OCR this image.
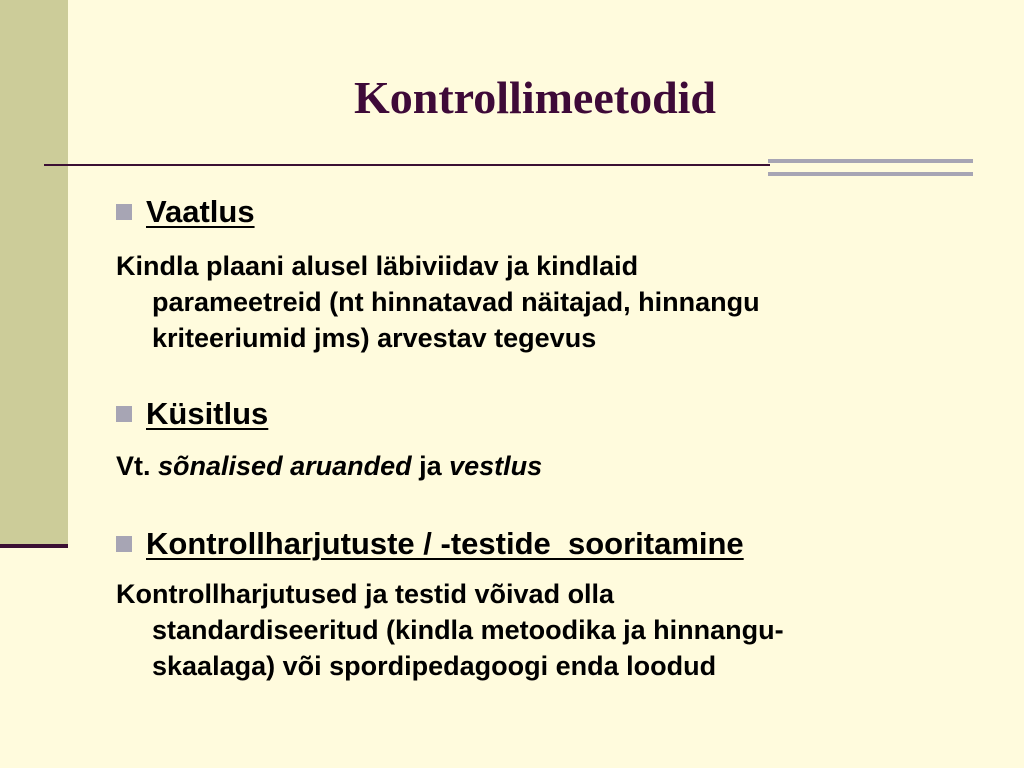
Kontrollimeetodid
Vaatlus
Kindla plaani alusel läbiviidav ja kindlaid
parameetreid (nt hinnatavad näitajad, hinnangu
kriteeriumid jms) arvestav tegevus
Küsitlus
Vt. sõnalised aruanded ja vestlus
Kontrollharjutuste / -testide  sooritamine
Kontrollharjutused ja testid võivad olla
standardiseeritud (kindla metoodika ja hinnangu-
skaalaga) või spordipedagoogi enda loodud
